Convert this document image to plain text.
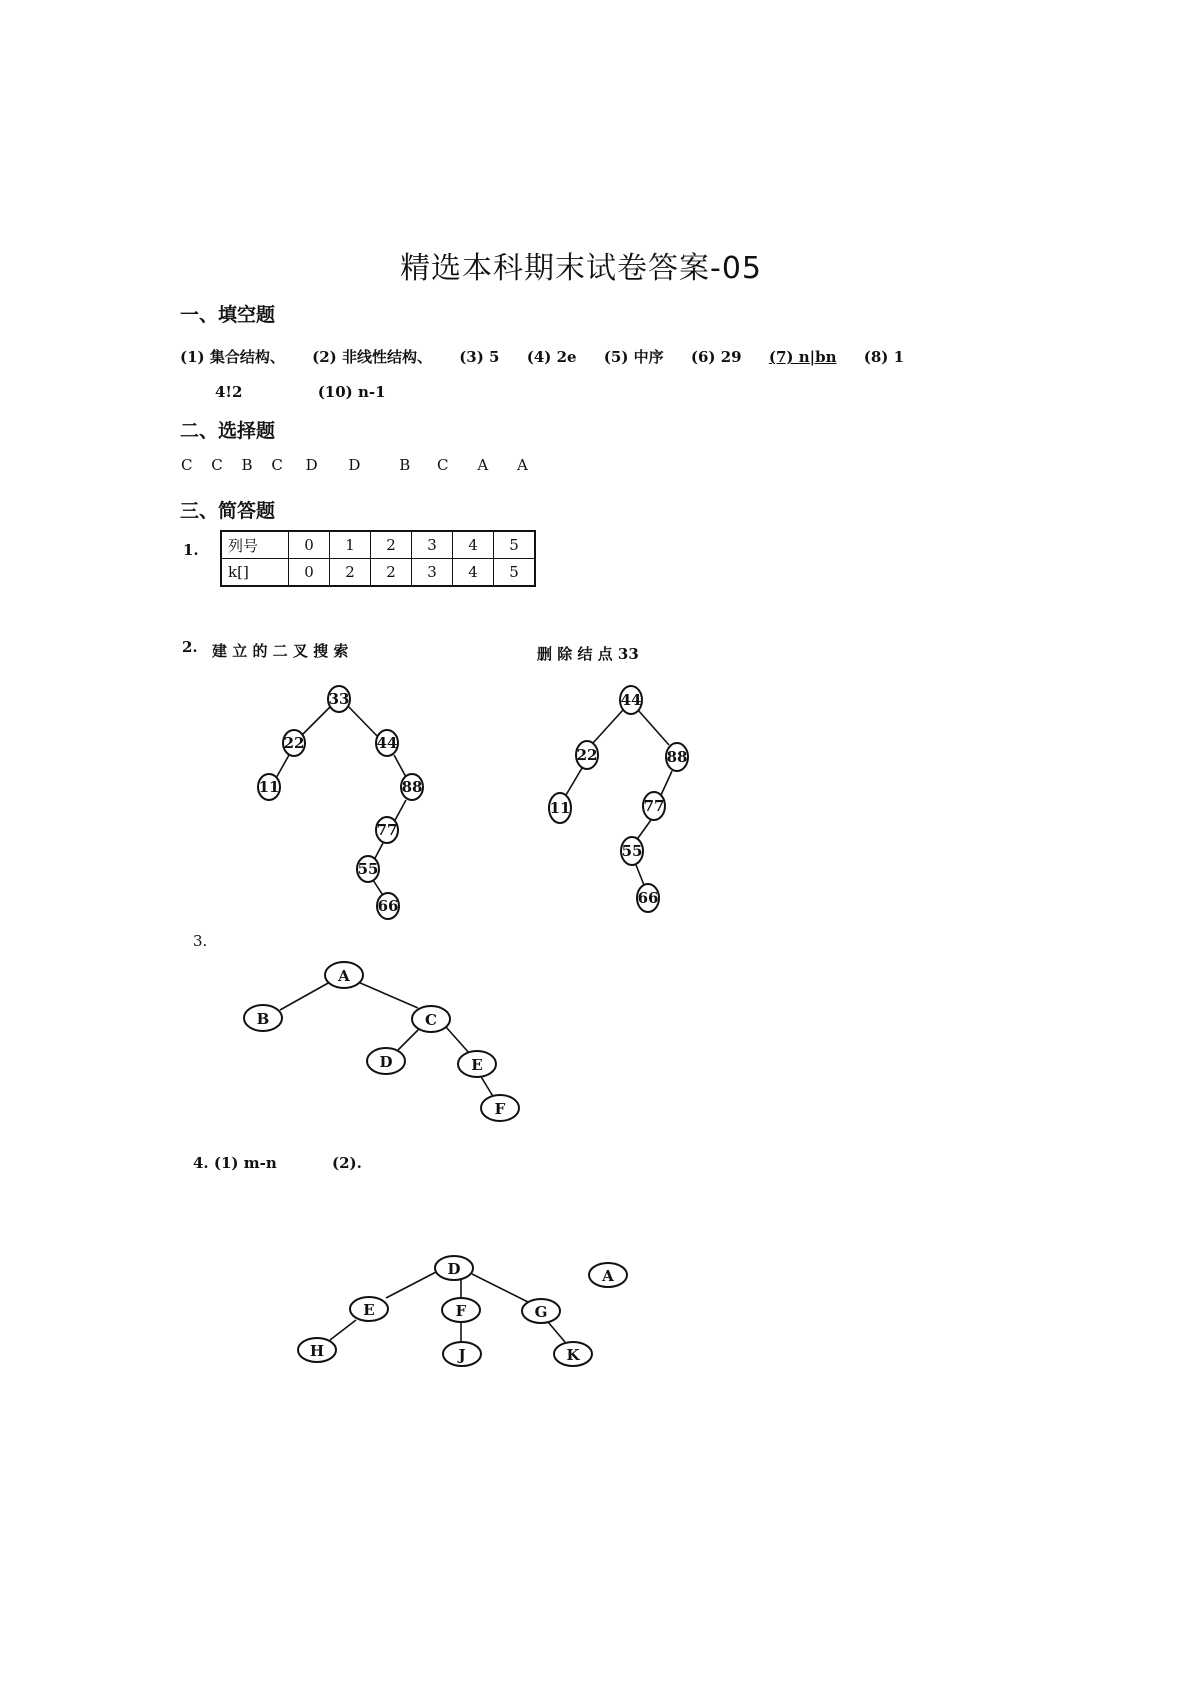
精选本科期末试卷答案-05
一、填空题
(1) 集合结构、 (2) 非线性结构、 (3) 5 (4) 2e (5) 中序 (6) 29 (7) n|bn (8) 1
4!2	(10) n-1
二、选择题
C C B C D D	B C A A
三、简答题
1. 列号	0	1	2	3	4	5
k[]	0	2	2	3	4	5
2. 建 立 的 二 叉 搜 索	删 除 结 点 33
33
22	44
11	88
77
55
66
44
22	88
11	77
55
66
3.
A
B	C
D	E
F
4. (1) m-n	(2).
D
E	F	G
H	J	K
A
